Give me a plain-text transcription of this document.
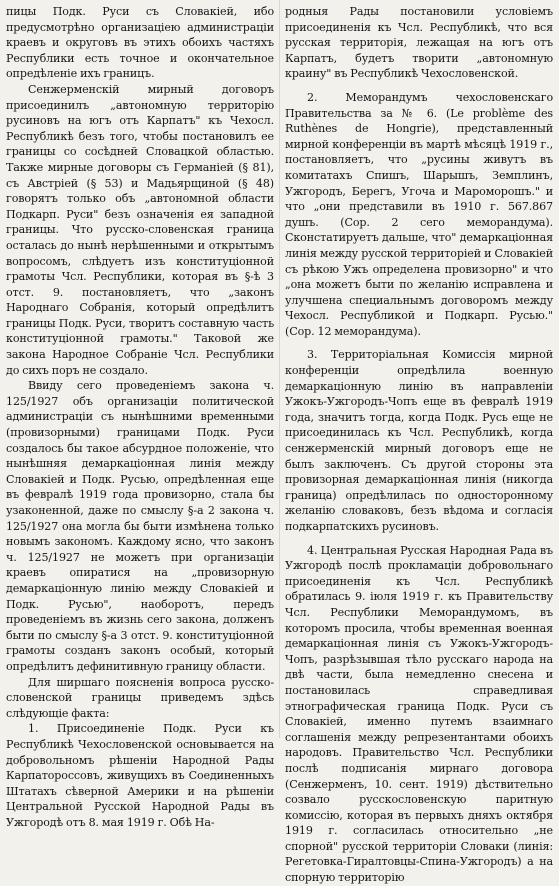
пицы Подк. Руси съ Словакіей, ибо предусмотрѣно организаціею администраціи краевъ и округовъ въ этихъ обоихъ частяхъ Республики есть точное и окончательное опредѣленіе ихъ границъ.

Сенжерменскій мирный договоръ присоединилъ „автономную территорію русиновъ на югъ отъ Карпатъ" къ Чехосл. Республикѣ безъ того, чтобы постановилъ ее границы со сосѣдней Словацкой областью. Также мирные договоры съ Германіей (§ 81), съ Австріей (§ 53) и Мадьярщиной (§ 48) говорятъ только объ „автономной области Подкарп. Руси" безъ означенія ея западной границы. Что русско-словенская граница осталась до нынѣ нерѣшенными и открытымъ вопросомъ, слѣдуетъ изъ конституціонной грамоты Чсл. Республики, которая въ §-ѣ 3 отст. 9. постановляетъ, что „законъ Народнаго Собранія, который опредѣлитъ границы Подк. Руси, творитъ составную часть конституціонной грамоты." Таковой же закона Народное Собраніе Чсл. Республики до сихъ поръ не создало.

Ввиду сего проведеніемъ закона ч. 125/1927 объ организаціи политической администраціи съ нынѣшними временными (провизорными) границами Подк. Руси создалось бы такое абсурдное положеніе, что нынѣшняя демаркаціонная линія между Словакіей и Подк. Русью, опредѣленная еще въ февралѣ 1919 года провизорно, стала бы узаконенной, даже по смыслу §-а 2 закона ч. 125/1927 она могла бы быти измѣнена только новымъ закономъ. Каждому ясно, что законъ ч. 125/1927 не можетъ при организаціи краевъ опиратися на „провизорную демаркаціонную линію между Словакіей и Подк. Русью", наоборотъ, передъ проведеніемъ въ жизнь сего закона, долженъ быти по смыслу §-а 3 отст. 9. конституціонной грамоты созданъ законъ особый, который опредѣлитъ дефинитивную границу области.

Для ширшаго поясненія вопроса русско-словенской границы приведемъ здѣсь слѣдующіе факта:

1. Присоединеніе Подк. Руси къ Республикѣ Чехословенской основывается на добровольномъ рѣшеніи Народной Рады Карпатороссовъ, живущихъ въ Соединенныхъ Штатахъ сѣверной Америки и на рѣшеніи Центральной Русской Народной Рады въ Ужгородѣ отъ 8. мая 1919 г. Обѣ На-

родныя Рады постановили условіемъ присоединенія къ Чсл. Республикѣ, что вся русская территорія, лежащая на югъ отъ Карпатъ, будетъ творити „автономную краину" въ Республикѣ Чехословенской.

2. Меморандумъ чехословенскаго Правительства за № 6. (Le problème des Ruthènes de Hongrie), представленный мирной конференціи въ мартѣ мѣсяцѣ 1919 г., постановляетъ, что „русины живутъ въ комитатахъ Спишъ, Шарышъ, Земплинъ, Ужгородъ, Берегъ, Угоча и Мароморошъ." и что „они представили въ 1910 г. 567.867 душъ. (Сор. 2 сего меморандума). Сконстатируетъ дальше, что" демаркаціонная линія между русской территоріей и Словакіей съ рѣкою Ужъ определена провизорно" и что „она можетъ быти по желанію исправлена и улучшена специальнымъ договоромъ между Чехосл. Республикой и Подкарп. Русью." (Сор. 12 меморандума).

3. Территоріальная Комиссія мирной конференціи опредѣлила военную демаркаціонную линію въ направленіи Ужокъ-Ужгородъ-Чопъ еще въ февралѣ 1919 года, значитъ тогда, когда Подк. Русь еще не присоединилась къ Чсл. Республикѣ, когда сенжерменскій мирный договоръ еще не былъ заключенъ. Съ другой стороны эта провизорная демаркаціонная линія (никогда граница) опредѣлилась по односторонному желанію словаковъ, безъ вѣдома и согласія подкарпатскихъ русиновъ.

4. Центральная Русская Народная Рада въ Ужгородѣ послѣ прокламаціи добровольнаго присоединенія къ Чсл. Республикѣ обратилась 9. іюля 1919 г. къ Правительству Чсл. Республики Меморандумомъ, въ которомъ просила, чтобы временная военная демаркаціонная линія съ Ужокъ-Ужгородъ-Чопъ, разрѣзывшая тѣло русскаго народа на двѣ части, была немедленно снесена и постановилась справедливая этнографическая граница Подк. Руси съ Словакіей, именно путемъ взаимнаго соглашенія между репрезентантами обоихъ народовъ. Правительство Чсл. Республики послѣ подписанія мирнаго договора (Сенжерменъ, 10. сент. 1919) дѣствительно созвало русскословенскую паритную комиссію, которая въ первыхъ дняхъ октября 1919 г. согласилась относительно „не спорной" русской территоріи Словаки (линія: Регетовка-Гиралтовцы-Спина-Ужгородъ) а на спорную территорію
